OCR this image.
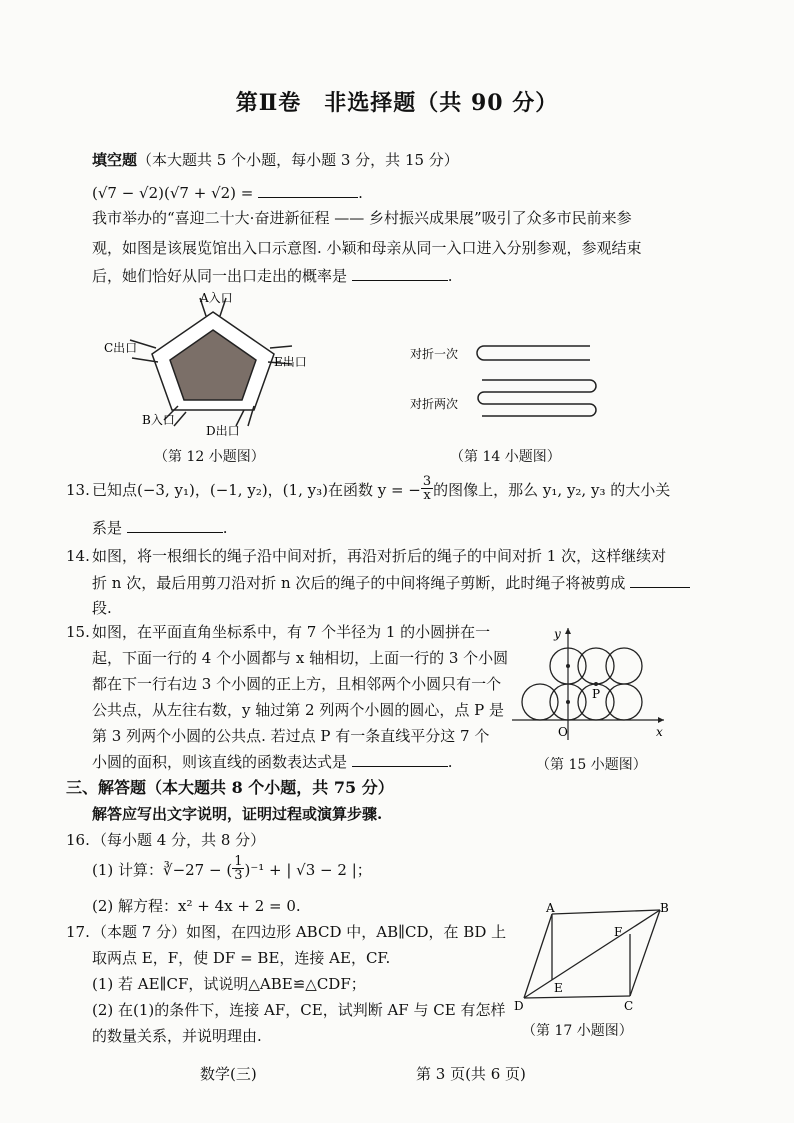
第Ⅱ卷　非选择题（共 90 分）
填空题（本大题共 5 个小题，每小题 3 分，共 15 分）
(√7 − √2)(√7 + √2) =	.
我市举办的“喜迎二十大·奋进新征程 —— 乡村振兴成果展”吸引了众多市民前来参
观，如图是该展览馆出入口示意图. 小颖和母亲从同一入口进入分别参观，参观结束
后，她们恰好从同一出口走出的概率是	.
A入口
C出口
E出口
B入口
D出口
（第 12 小题图）
对折一次
对折两次
（第 14 小题图）
13. 已知点(−3, y₁)，(−1, y₂)，(1, y₃)在函数 y = − $\frac{3}{x}$ 的图像上，那么 y₁, y₂, y₃ 的大小关
系是	.
14. 如图，将一根细长的绳子沿中间对折，再沿对折后的绳子的中间对折 1 次，这样继续对
折 n 次，最后用剪刀沿对折 n 次后的绳子的中间将绳子剪断，此时绳子将被剪成
段.
15. 如图，在平面直角坐标系中，有 7 个半径为 1 的小圆拼在一
起，下面一行的 4 个小圆都与 x 轴相切，上面一行的 3 个小圆
都在下一行右边 3 个小圆的正上方，且相邻两个小圆只有一个
公共点，从左往右数，y 轴过第 2 列两个小圆的圆心，点 P 是
第 3 列两个小圆的公共点. 若过点 P 有一条直线平分这 7 个
小圆的面积，则该直线的函数表达式是	.
P
O	x
y
（第 15 小题图）
三、解答题（本大题共 8 个小题，共 75 分）
解答应写出文字说明，证明过程或演算步骤.
16. （每小题 4 分，共 8 分）
(1) 计算：∛−27 − ( $\frac{1}{3} )^{-1}$ + | √3 − 2 |；
(2) 解方程：x² + 4x + 2 = 0.
17. （本题 7 分）如图，在四边形 ABCD 中，AB∥CD，在 BD 上
取两点 E，F，使 DF = BE，连接 AE，CF.
(1) 若 AE∥CF，试说明△ABE≌△CDF；
(2) 在(1)的条件下，连接 AF，CE，试判断 AF 与 CE 有怎样
的数量关系，并说明理由.
A	B
C
D
E
F
（第 17 小题图）
数学(三)	第 3 页(共 6 页)
